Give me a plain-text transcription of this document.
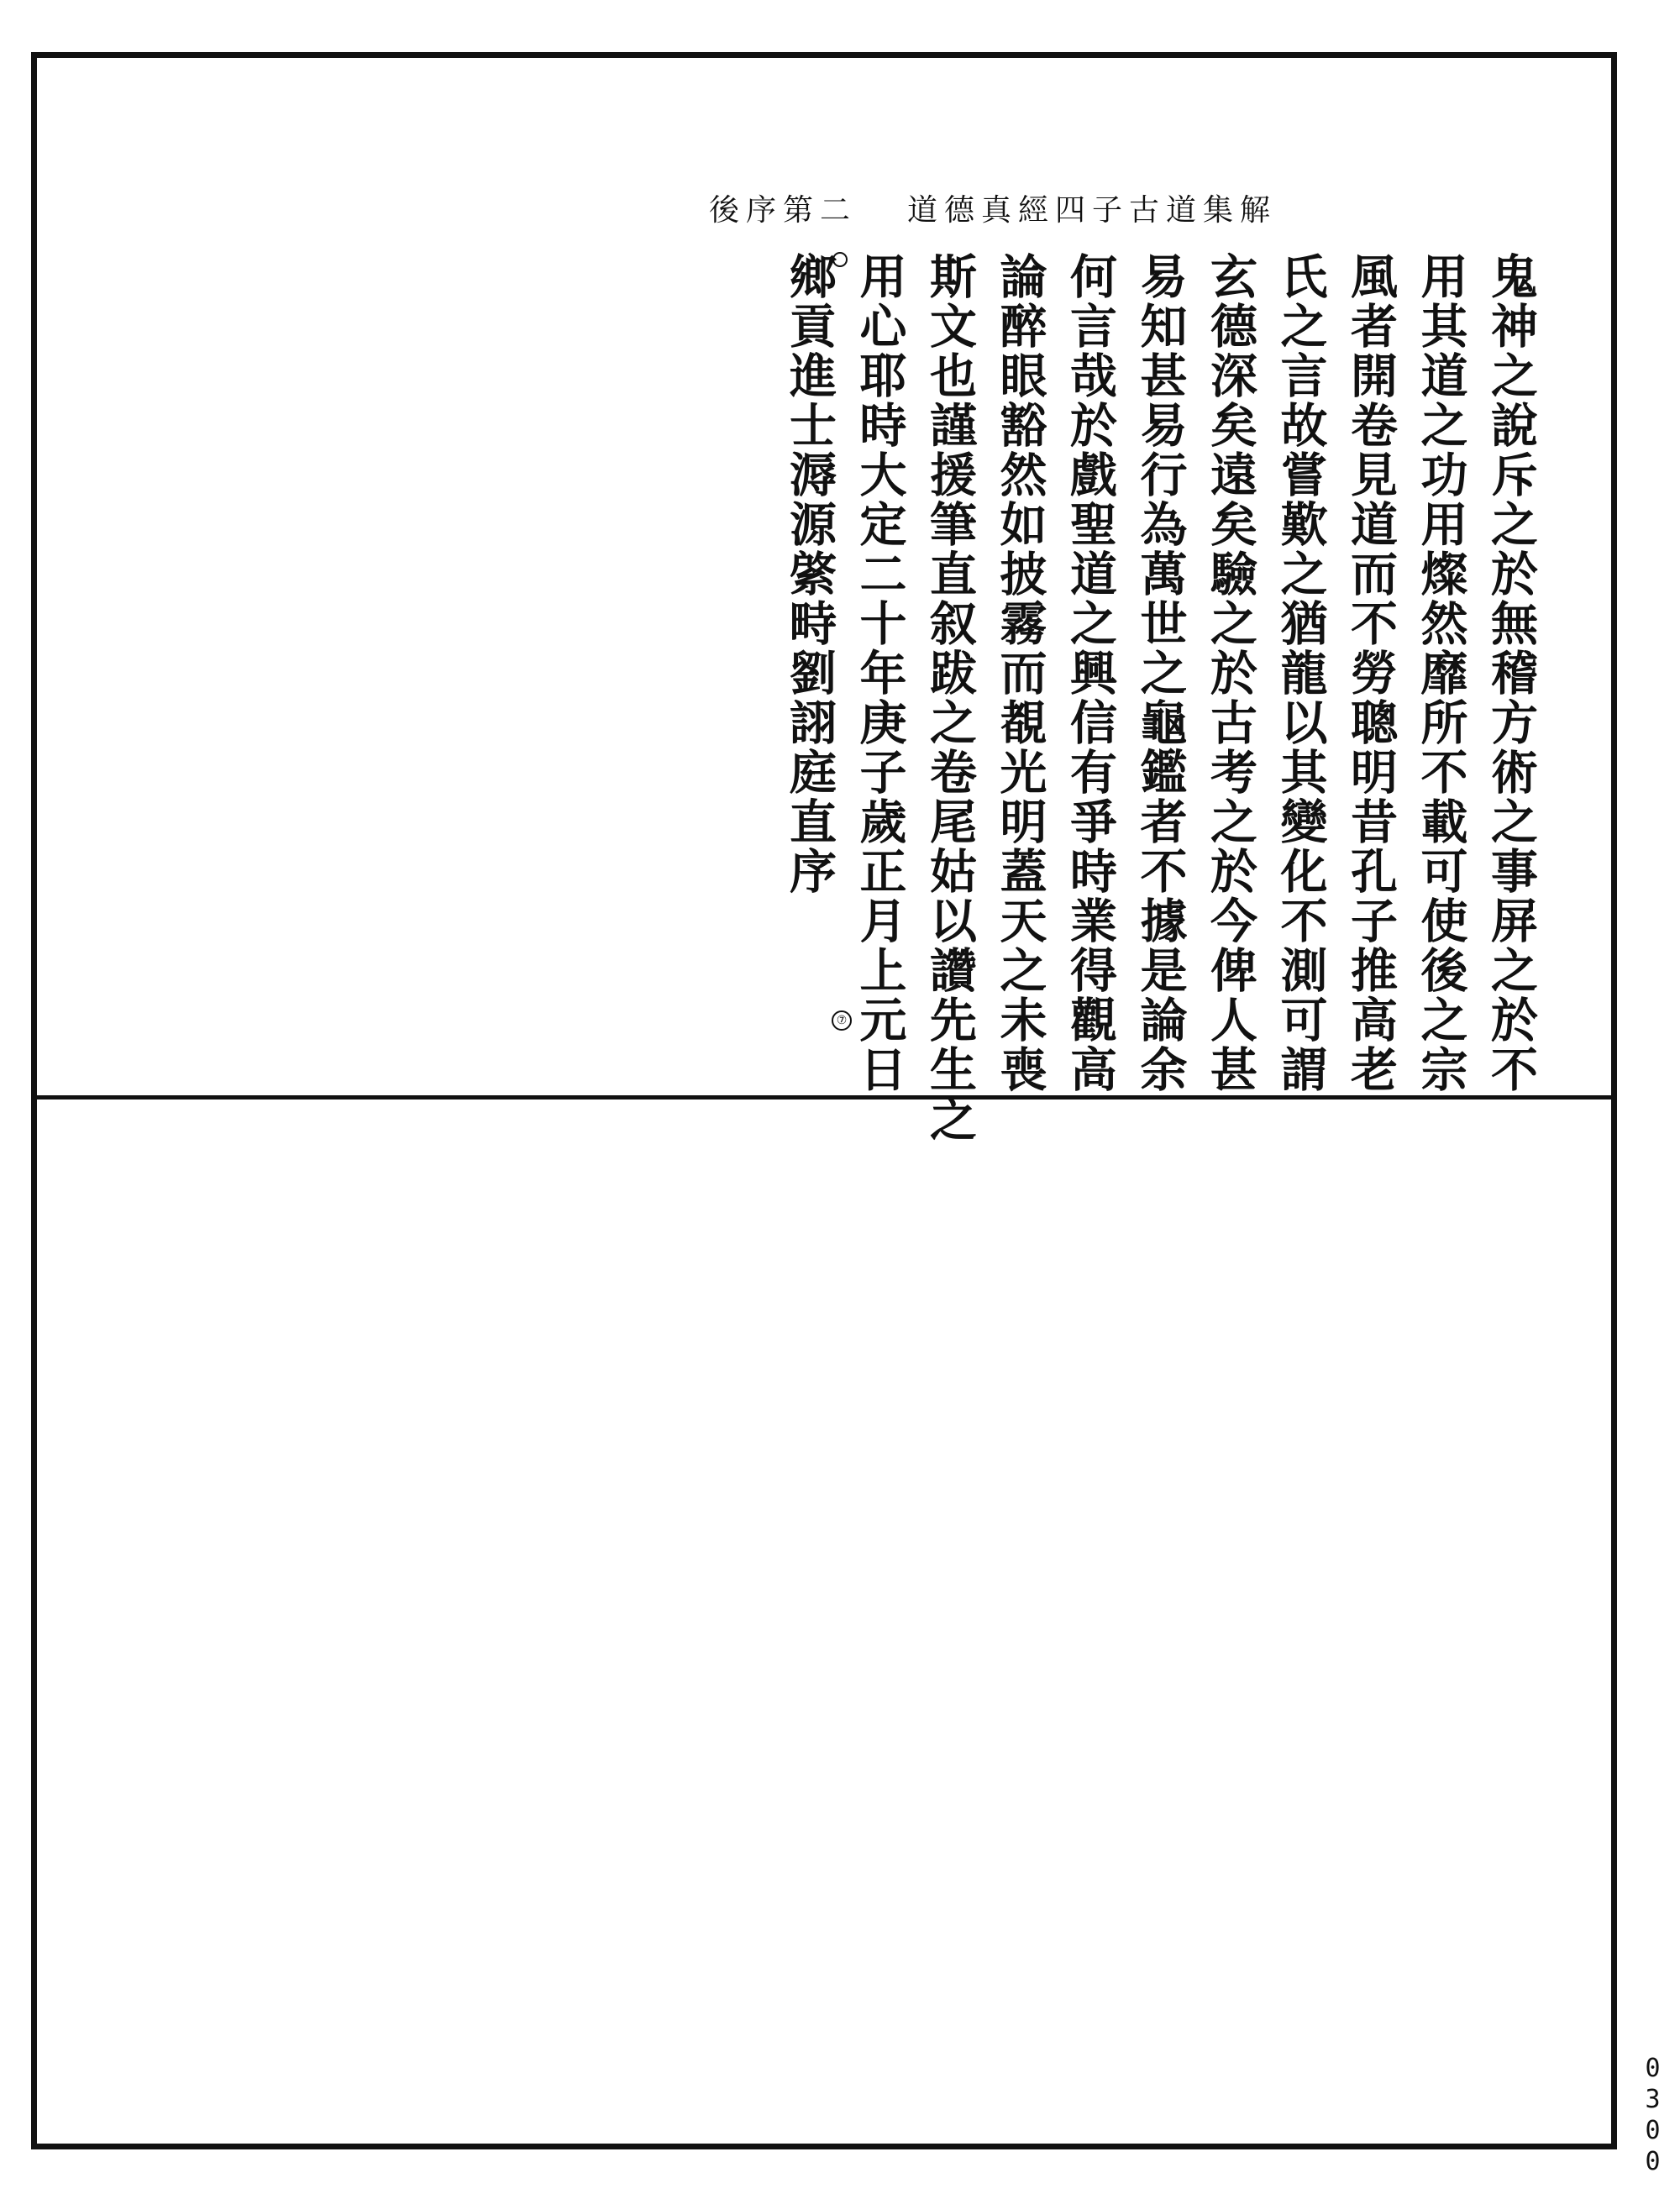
後序第二 道德真經四子古道集解
鬼神之說斥之於無稽方術之事屏之於不
用其道之功用燦然靡所不載可使後之宗
風者開卷見道而不勞聰明昔孔子推高老
氏之言故嘗歎之猶龍以其變化不測可謂
玄德深矣遠矣驗之於古考之於今俾人甚
易知甚易行為萬世之龜鑑者不據是論余
何言哉於戲聖道之興信有爭時業得觀高
論醉眼豁然如披霧而覩光明蓋天之未喪
斯文也謹援筆直叙跋之卷尾姑以讚先生之
用心耶時大定二十年庚子歲正月上元日
鄉貢進士溽源綮畤劉詡庭直序
⑦
0300
